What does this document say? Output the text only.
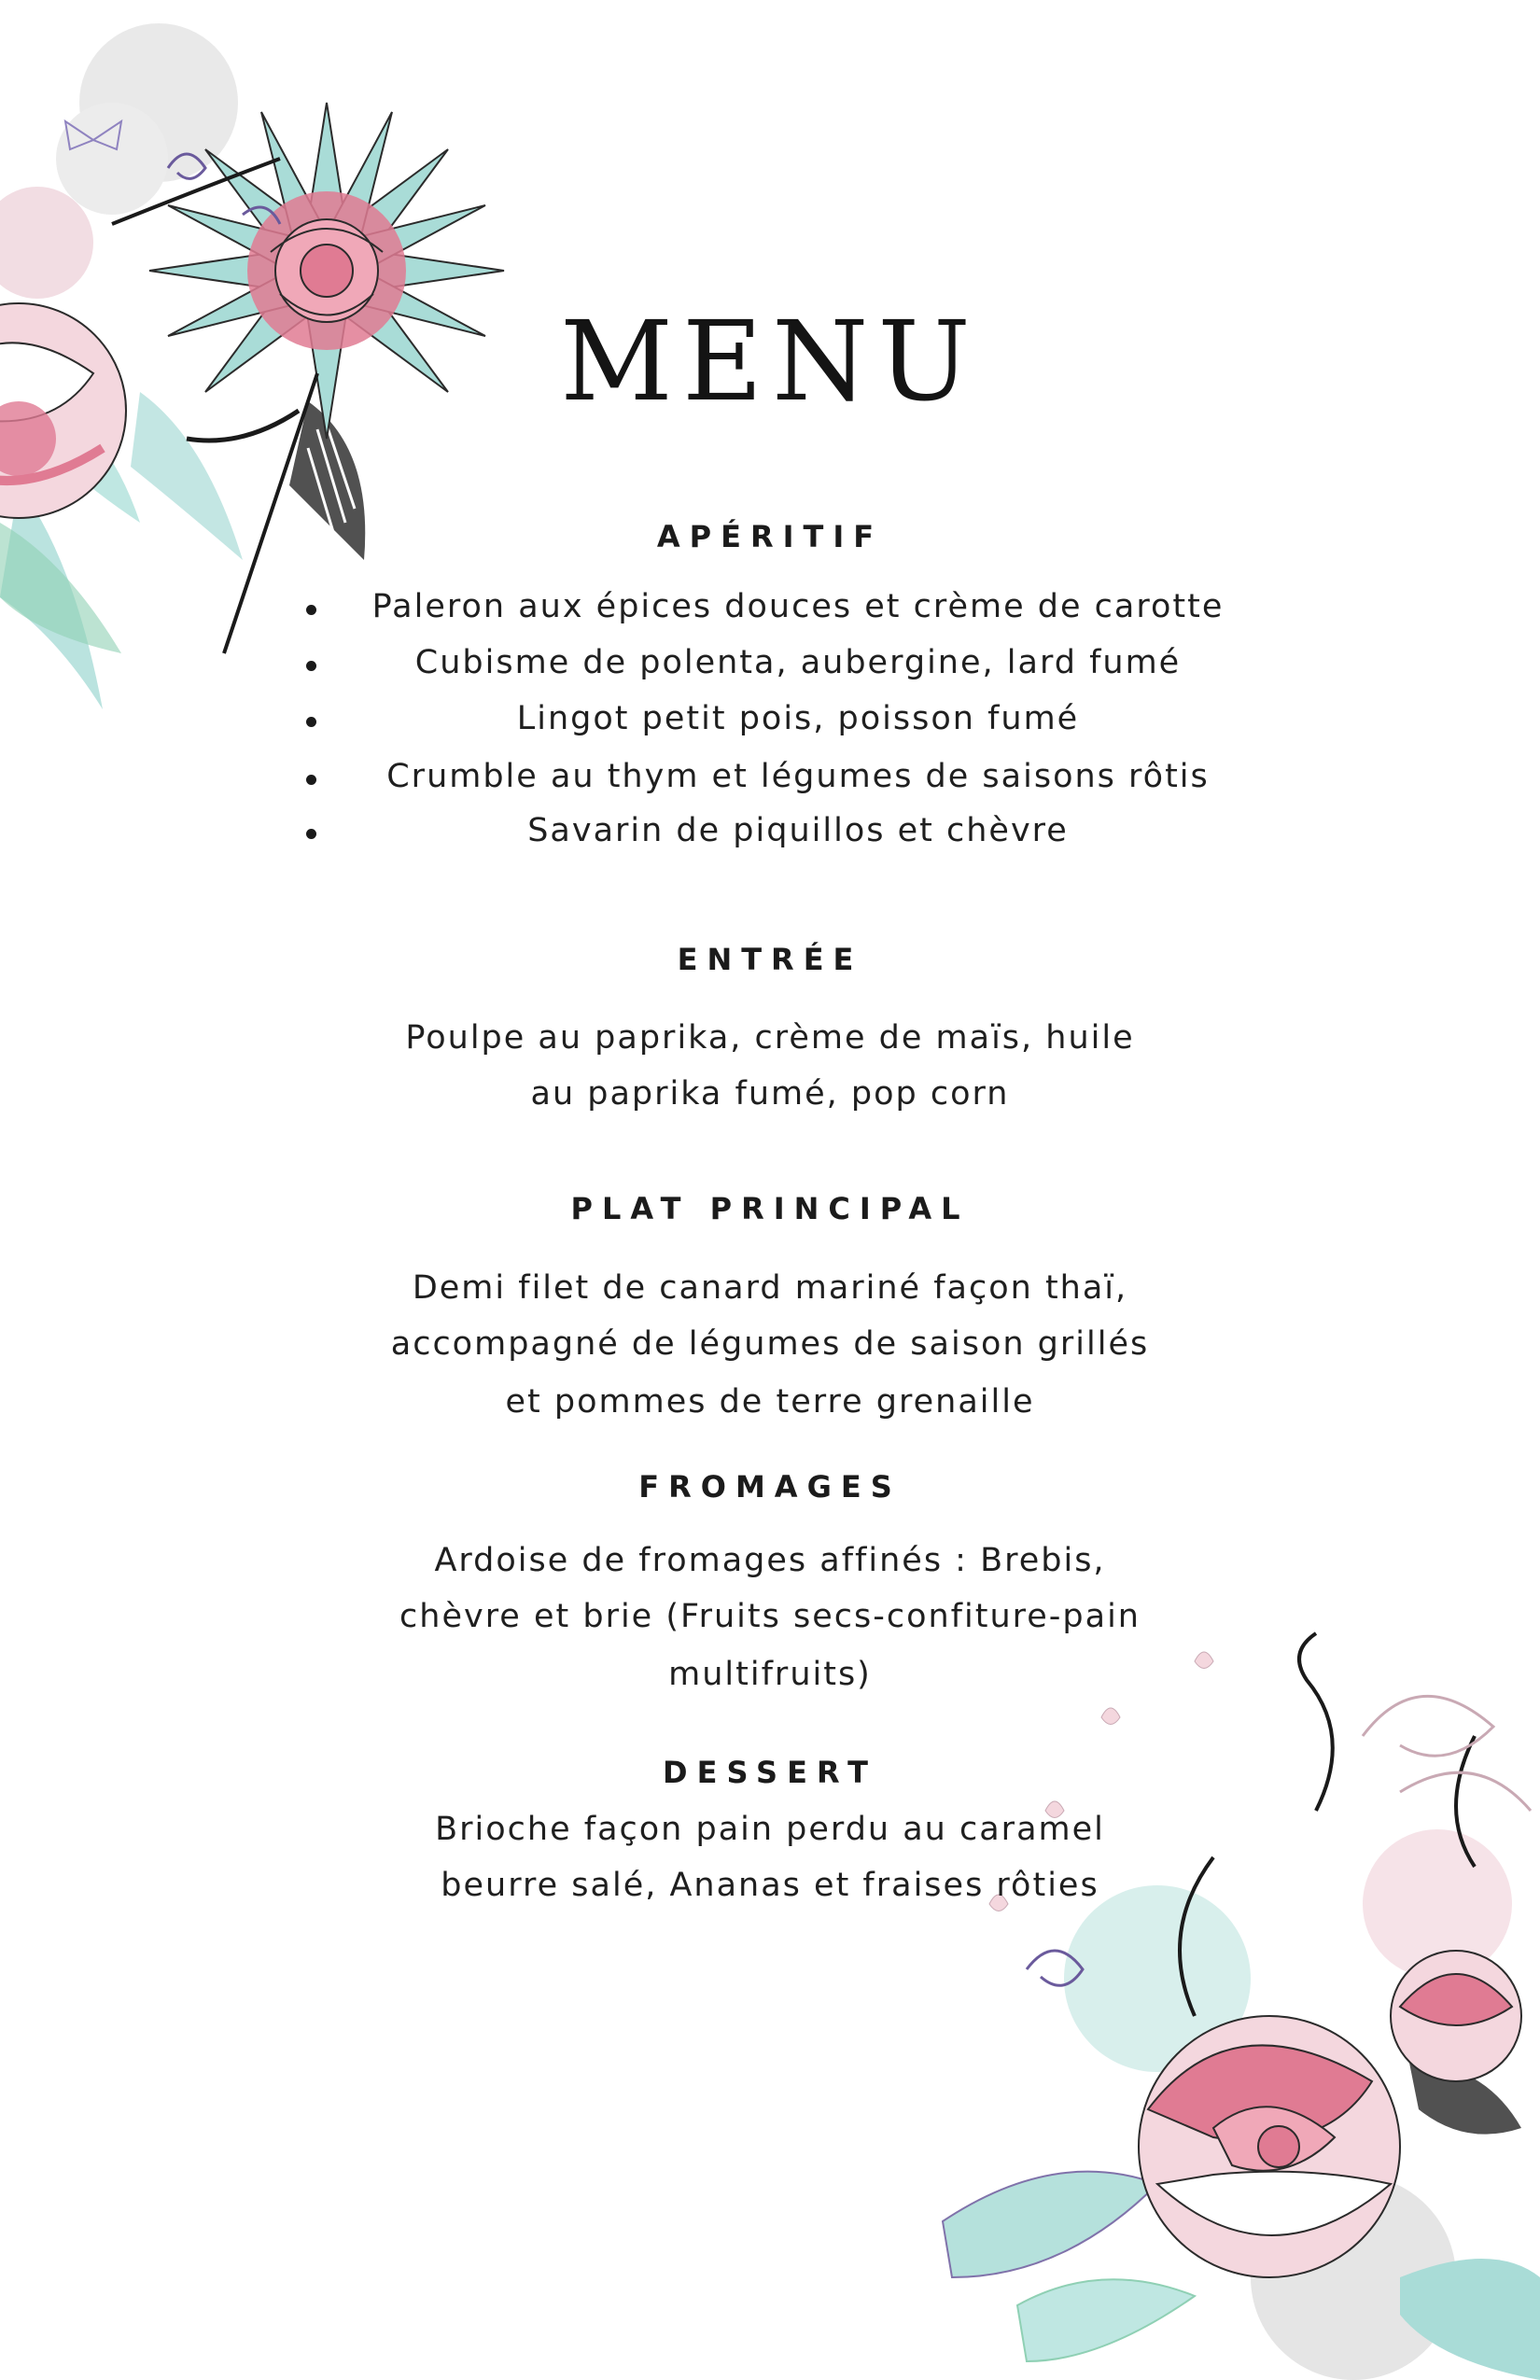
MENU
APÉRITIF
Paleron aux épices douces et crème de carotte
Cubisme de polenta, aubergine, lard fumé
Lingot petit pois, poisson fumé
Crumble au thym et légumes de saisons rôtis
Savarin de piquillos et chèvre
ENTRÉE
Poulpe au paprika, crème de maïs, huile
au paprika fumé, pop corn
PLAT PRINCIPAL
Demi filet de canard mariné façon thaï,
accompagné de légumes de saison grillés
et pommes de terre grenaille
FROMAGES
Ardoise de fromages affinés : Brebis,
chèvre et brie (Fruits secs-confiture-pain
multifruits)
DESSERT
Brioche façon pain perdu au caramel
beurre salé, Ananas et fraises rôties
